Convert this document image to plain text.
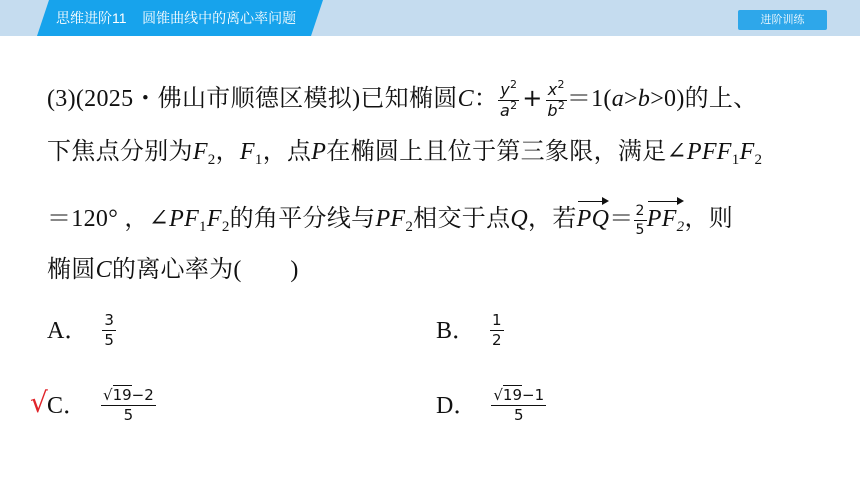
思维进阶11    圆锥曲线中的离心率问题	进阶训练
(3)(2025・佛山市顺德区模拟)已知椭圆C： $\frac{y^2}{a^2} + \frac{x^2}{b^2} =1(a>b>0)$的上、
下焦点分别为$F_2$，$F_1$，点P在椭圆上且位于第三象限，满足$\angle PFF_1F_2$
＝120° ，$\angle PF_1F_2$的角平分线与$PF_2$相交于点Q，若$PQ= \frac{2}{5} PF_2$，则
椭圆C的离心率为(　　)
A． $\frac{3}{5}$	B． $\frac{1}{2}$
√ C． $\frac{√19-2}{5}$	D． $\frac{√19-1}{5}$
